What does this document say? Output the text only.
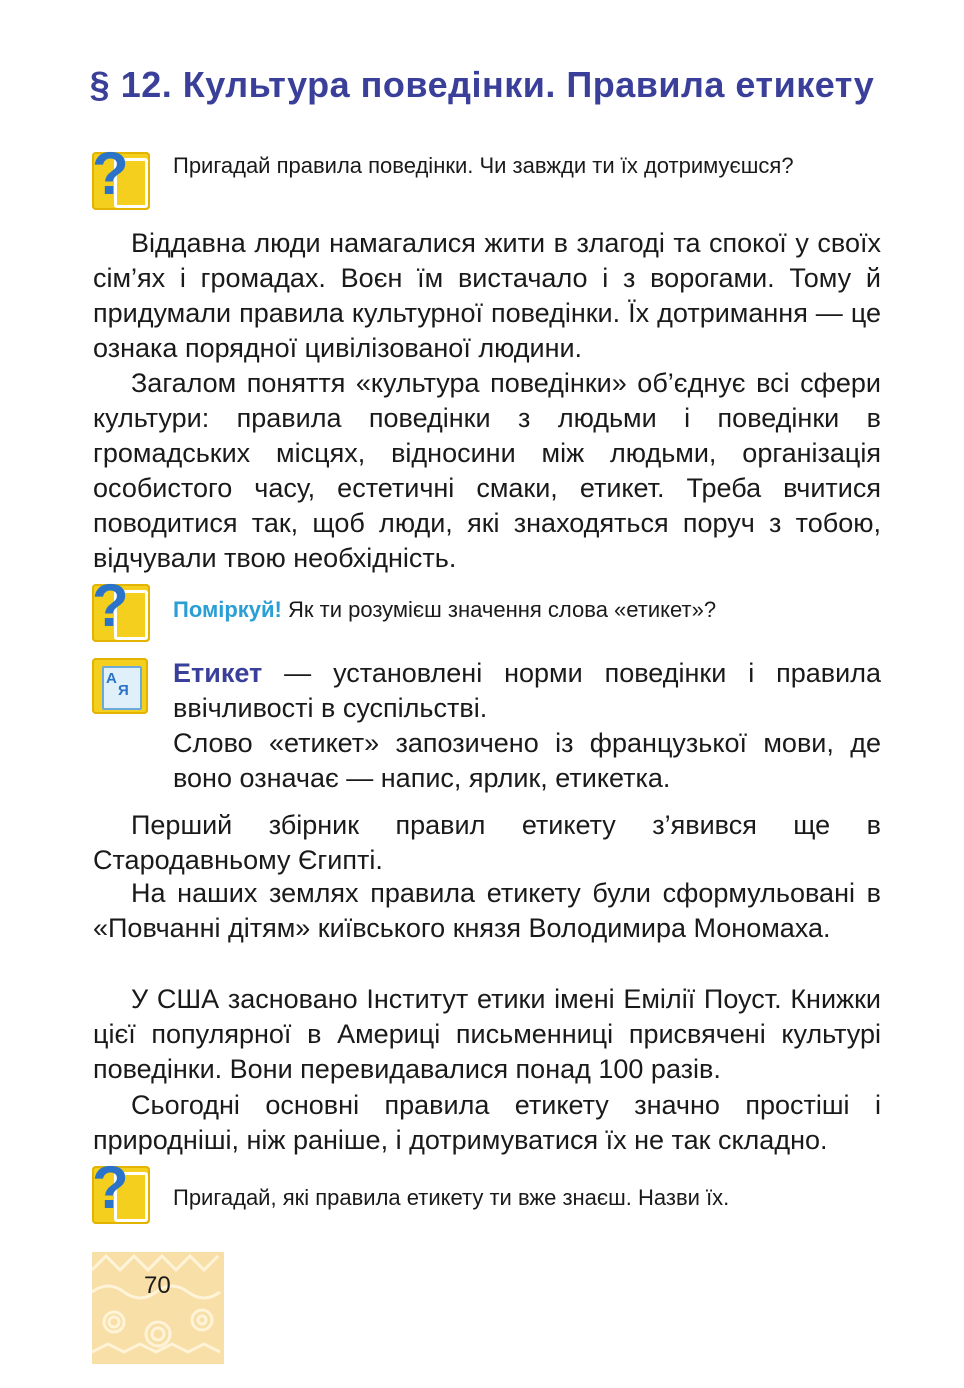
§ 12. Культура поведінки. Правила етикету
? Пригадай правила поведінки. Чи завжди ти їх дотримуєшся?

Віддавна люди намагалися жити в злагоді та спокої у своїх сім’ях і громадах. Воєн їм вистачало і з ворогами. Тому й придумали правила культурної поведінки. Їх дотримання — це ознака порядної цивілізованої людини.

Загалом поняття «культура поведінки» об’єднує всі сфери культури: правила поведінки з людьми і поведінки в громадських місцях, відносини між людьми, організація особистого часу, естетичні смаки, етикет. Треба вчитися поводитися так, щоб люди, які знаходяться поруч з тобою, відчували твою необхідність.

? Поміркуй! Як ти розумієш значення слова «етикет»?

А
Я

Етикет — установлені норми поведінки і правила ввічливості в суспільстві.

Слово «етикет» запозичено із французької мови, де воно означає — напис, ярлик, етикетка.

Перший збірник правил етикету з’явився ще в Стародавньому Єгипті.

На наших землях правила етикету були сформульовані в «Повчанні дітям» київського князя Володимира Мономаха.

У США засновано Інститут етики імені Емілії Поуст. Книжки цієї популярної в Америці письменниці присвячені культурі поведінки. Вони перевидавалися понад 100 разів.

Сьогодні основні правила етикету значно простіші і природніші, ніж раніше, і дотримуватися їх не так складно.

? Пригадай, які правила етикету ти вже знаєш. Назви їх.

70
